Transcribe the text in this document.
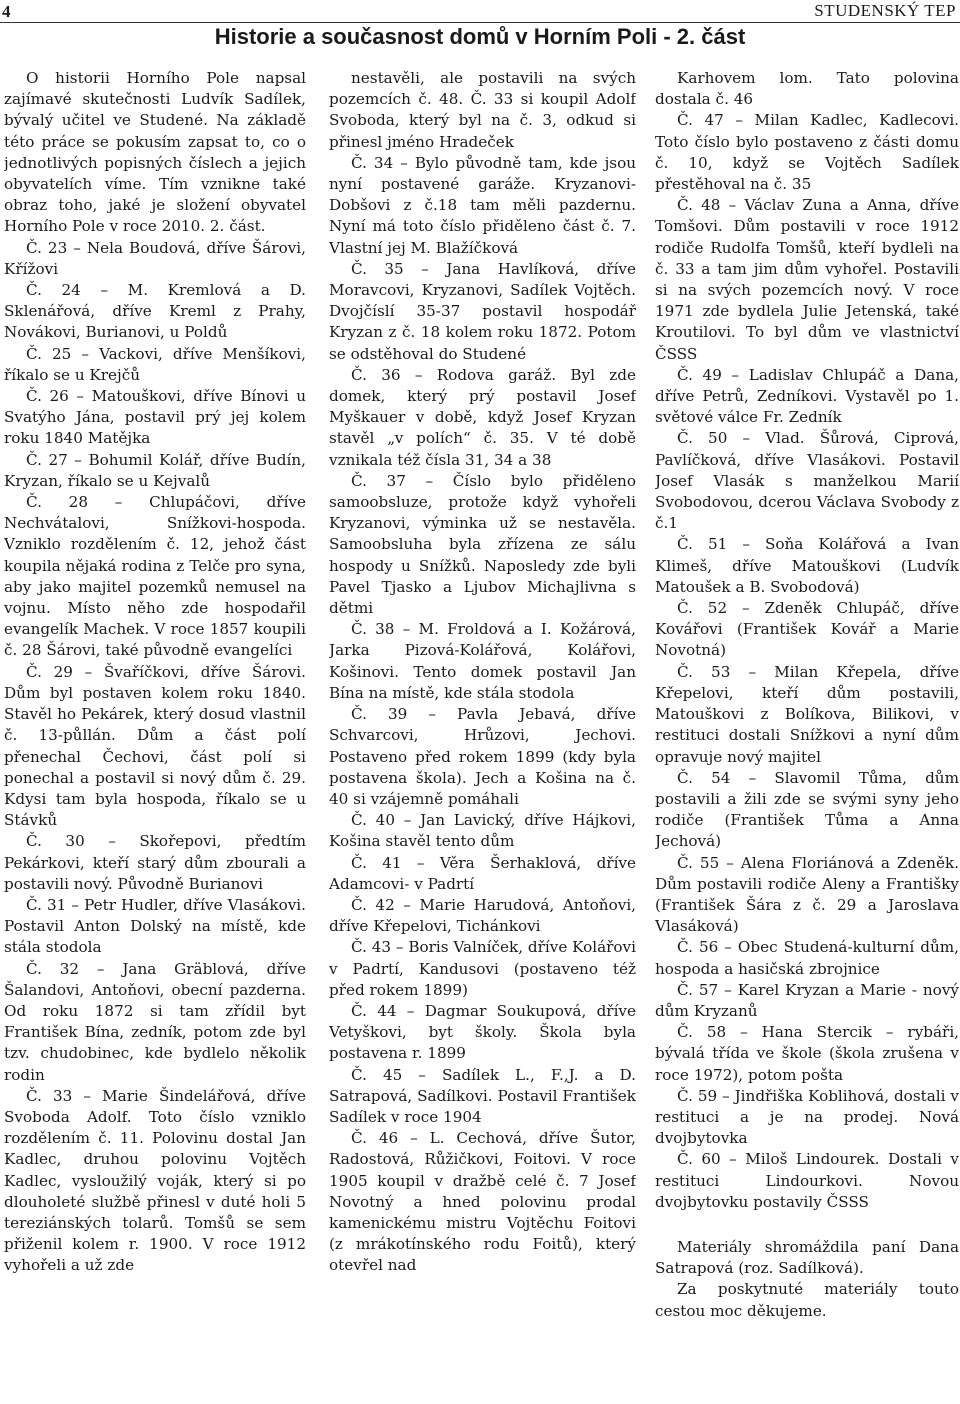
4	STUDENSKÝ TEP
Historie a současnost domů v Horním Poli - 2. část

O historii Horního Pole napsal zajímavé skutečnosti Ludvík Sadílek, bývalý učitel ve Studené. Na základě této práce se pokusím zapsat to, co o jednotlivých popisných číslech a jejich obyvatelích víme. Tím vznikne také obraz toho, jaké je složení obyvatel Horního Pole v roce 2010. 2. část.

Č. 23 – Nela Boudová, dříve Šárovi, Křížovi

Č. 24 – M. Kremlová a D. Sklenářová, dříve Kreml z Prahy, Novákovi, Burianovi, u Poldů

Č. 25 – Vackovi, dříve Menšíkovi, říkalo se u Krejčů

Č. 26 – Matouškovi, dříve Bínovi u Svatýho Jána, postavil prý jej kolem roku 1840 Matějka

Č. 27 – Bohumil Kolář, dříve Budín, Kryzan, říkalo se u Kejvalů

Č. 28 – Chlupáčovi, dříve Nechvátalovi, Snížkovi-hospoda. Vzniklo rozdělením č. 12, jehož část koupila nějaká rodina z Telče pro syna, aby jako majitel pozemků nemusel na vojnu. Místo něho zde hospodařil evangelík Machek. V roce 1857 koupili č. 28 Šárovi, také původně evangelíci

Č. 29 – Švaříčkovi, dříve Šárovi. Dům byl postaven kolem roku 1840. Stavěl ho Pekárek, který dosud vlastnil č. 13-půllán. Dům a část polí přenechal Čechovi, část polí si ponechal a postavil si nový dům č. 29. Kdysi tam byla hospoda, říkalo se u Stávků

Č. 30 – Skořepovi, předtím Pekárkovi, kteří starý dům zbourali a postavili nový. Původně Burianovi

Č. 31 – Petr Hudler, dříve Vlasákovi. Postavil Anton Dolský na místě, kde stála stodola

Č. 32 – Jana Gräblová, dříve Šalandovi, Antoňovi, obecní pazderna. Od roku 1872 si tam zřídil byt František Bína, zedník, potom zde byl tzv. chudobinec, kde bydlelo několik rodin

Č. 33 – Marie Šindelářová, dříve Svoboda Adolf. Toto číslo vzniklo rozdělením č. 11. Polovinu dostal Jan Kadlec, druhou polovinu Vojtěch Kadlec, vysloužilý voják, který si po dlouholeté službě přinesl v duté holi 5 tereziánských tolarů. Tomšů se sem přiženil kolem r. 1900. V roce 1912 vyhořeli a už zde

nestavěli, ale postavili na svých pozemcích č. 48. Č. 33 si koupil Adolf Svoboda, který byl na č. 3, odkud si přinesl jméno Hradeček

Č. 34 – Bylo původně tam, kde jsou nyní postavené garáže. Kryzanovi-Dobšovi z č.18 tam měli pazdernu. Nyní má toto číslo přiděleno část č. 7. Vlastní jej M. Blažíčková

Č. 35 – Jana Havlíková, dříve Moravcovi, Kryzanovi, Sadílek Vojtěch. Dvojčíslí 35-37 postavil hospodář Kryzan z č. 18 kolem roku 1872. Potom se odstěhoval do Studené

Č. 36 – Rodova garáž. Byl zde domek, který prý postavil Josef Myškauer v době, když Josef Kryzan stavěl „v polích“ č. 35. V té době vznikala též čísla 31, 34 a 38

Č. 37 – Číslo bylo přiděleno samoobsluze, protože když vyhořeli Kryzanovi, výminka už se nestavěla. Samoobsluha byla zřízena ze sálu hospody u Snížků. Naposledy zde byli Pavel Tjasko a Ljubov Michajlivna s dětmi

Č. 38 – M. Froldová a I. Kožárová, Jarka Pizová-Kolářová, Kolářovi, Košinovi. Tento domek postavil Jan Bína na místě, kde stála stodola

Č. 39 – Pavla Jebavá, dříve Schvarcovi, Hrůzovi, Jechovi. Postaveno před rokem 1899 (kdy byla postavena škola). Jech a Košina na č. 40 si vzájemně pomáhali

Č. 40 – Jan Lavický, dříve Hájkovi, Košina stavěl tento dům

Č. 41 – Věra Šerhaklová, dříve Adamcovi- v Padrtí

Č. 42 – Marie Harudová, Antoňovi, dříve Křepelovi, Tichánkovi

Č. 43 – Boris Valníček, dříve Kolářovi v Padrtí, Kandusovi (postaveno též před rokem 1899)

Č. 44 – Dagmar Soukupová, dříve Vetyškovi, byt školy. Škola byla postavena r. 1899

Č. 45 – Sadílek L., F.,J. a D. Satrapová, Sadílkovi. Postavil František Sadílek v roce 1904

Č. 46 – L. Cechová, dříve Šutor, Radostová, Růžičkovi, Foitovi. V roce 1905 koupil v dražbě celé č. 7 Josef Novotný a hned polovinu prodal kamenickému mistru Vojtěchu Foitovi (z mrákotínského rodu Foitů), který otevřel nad

Karhovem lom. Tato polovina dostala č. 46

Č. 47 – Milan Kadlec, Kadlecovi. Toto číslo bylo postaveno z části domu č. 10, když se Vojtěch Sadílek přestěhoval na č. 35

Č. 48 – Václav Zuna a Anna, dříve Tomšovi. Dům postavili v roce 1912 rodiče Rudolfa Tomšů, kteří bydleli na č. 33 a tam jim dům vyhořel. Postavili si na svých pozemcích nový. V roce 1971 zde bydlela Julie Jetenská, také Kroutilovi. To byl dům ve vlastnictví ČSSS

Č. 49 – Ladislav Chlupáč a Dana, dříve Petrů, Zedníkovi. Vystavěl po 1. světové válce Fr. Zedník

Č. 50 – Vlad. Šůrová, Ciprová, Pavlíčková, dříve Vlasákovi. Postavil Josef Vlasák s manželkou Marií Svobodovou, dcerou Václava Svobody z č.1

Č. 51 – Soňa Kolářová a Ivan Klimeš, dříve Matouškovi (Ludvík Matoušek a B. Svobodová)

Č. 52 – Zdeněk Chlupáč, dříve Kovářovi (František Kovář a Marie Novotná)

Č. 53 – Milan Křepela, dříve Křepelovi, kteří dům postavili, Matouškovi z Bolíkova, Bilikovi, v restituci dostali Snížkovi a nyní dům opravuje nový majitel

Č. 54 – Slavomil Tůma, dům postavili a žili zde se svými syny jeho rodiče (František Tůma a Anna Jechová)

Č. 55 – Alena Floriánová a Zdeněk. Dům postavili rodiče Aleny a Františky (František Šára z č. 29 a Jaroslava Vlasáková)

Č. 56 – Obec Studená-kulturní dům, hospoda a hasičská zbrojnice

Č. 57 – Karel Kryzan a Marie - nový dům Kryzanů

Č. 58 – Hana Stercik – rybáři, bývalá třída ve škole (škola zrušena v roce 1972), potom pošta

Č. 59 – Jindřiška Koblihová, dostali v restituci a je na prodej. Nová dvojbytovka

Č. 60 – Miloš Lindourek. Dostali v restituci Lindourkovi. Novou dvojbytovku postavily ČSSS

Materiály shromáždila paní Dana Satrapová (roz. Sadílková).

Za poskytnuté materiály touto cestou moc děkujeme.
